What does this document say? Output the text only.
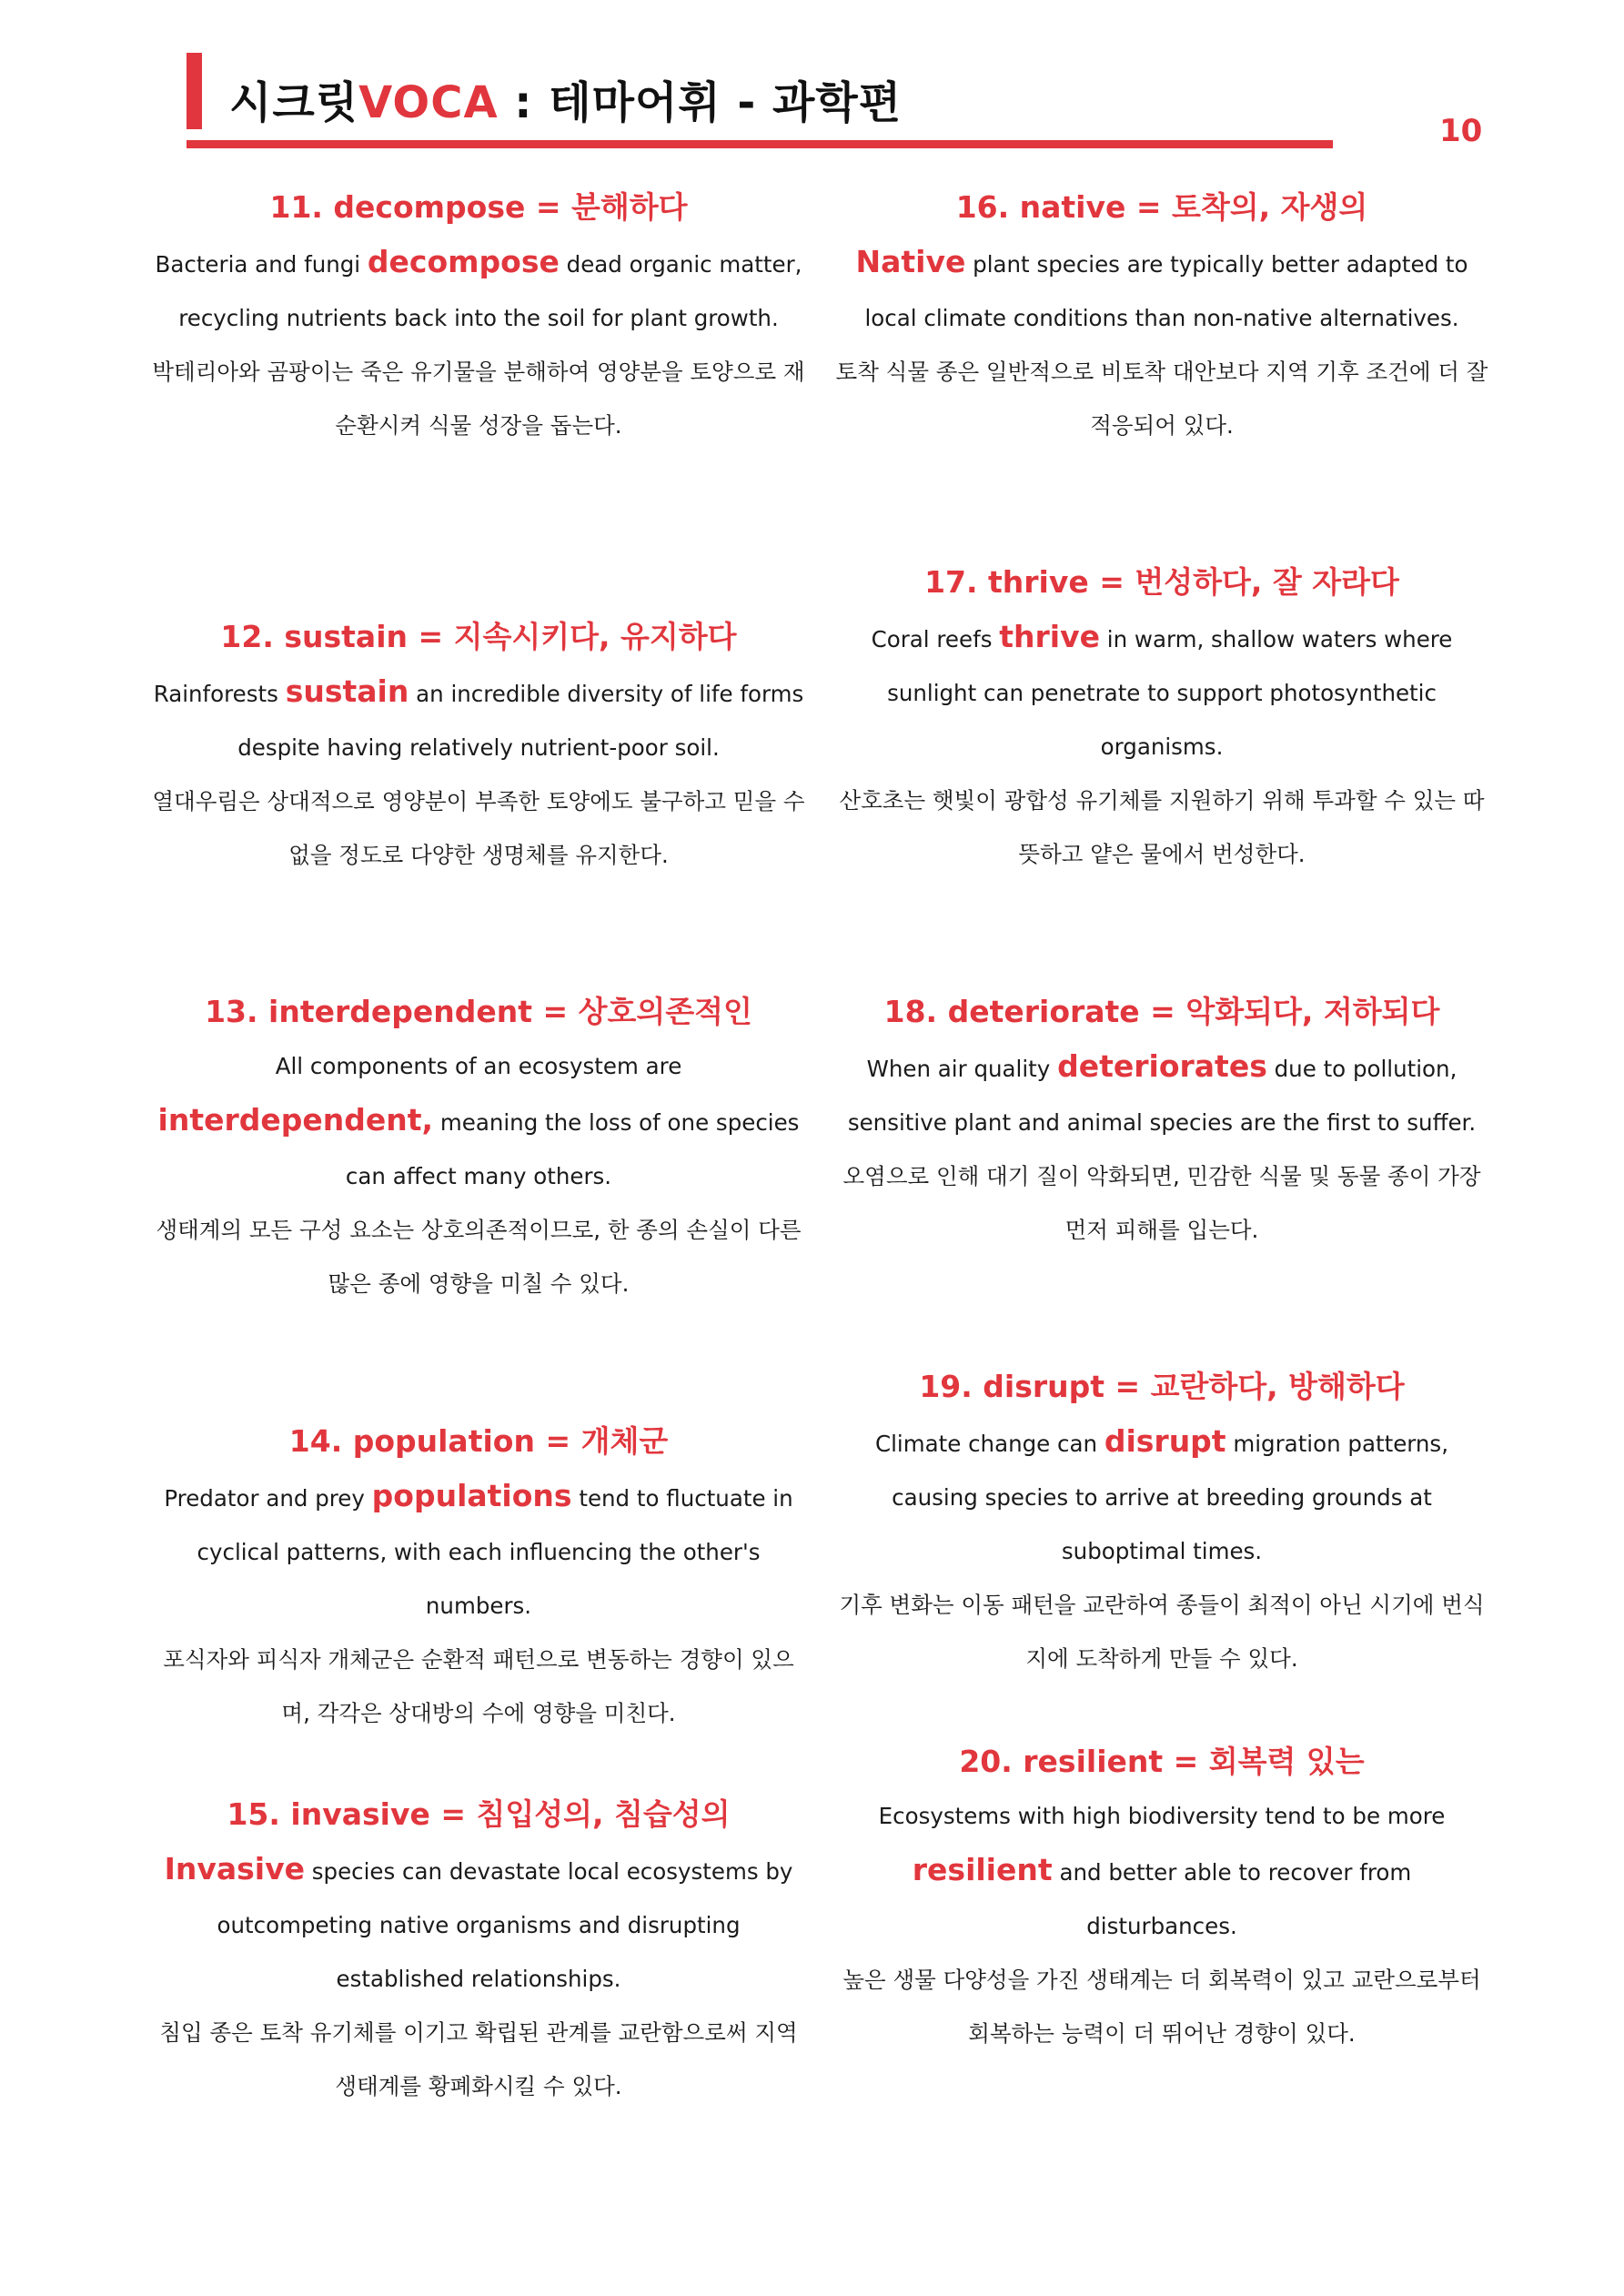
시크릿VOCA : 테마어휘 - 과학편
10
11. decompose = 분해하다

Bacteria and fungi decompose dead organic matter, recycling nutrients back into the soil for plant growth.

박테리아와 곰팡이는 죽은 유기물을 분해하여 영양분을 토양으로 재순환시켜 식물 성장을 돕는다.

12. sustain = 지속시키다, 유지하다

Rainforests sustain an incredible diversity of life forms despite having relatively nutrient-poor soil.

열대우림은 상대적으로 영양분이 부족한 토양에도 불구하고 믿을 수 없을 정도로 다양한 생명체를 유지한다.

13. interdependent = 상호의존적인

All components of an ecosystem are interdependent, meaning the loss of one species can affect many others.

생태계의 모든 구성 요소는 상호의존적이므로, 한 종의 손실이 다른 많은 종에 영향을 미칠 수 있다.

14. population = 개체군

Predator and prey populations tend to fluctuate in cyclical patterns, with each influencing the other's numbers.

포식자와 피식자 개체군은 순환적 패턴으로 변동하는 경향이 있으며, 각각은 상대방의 수에 영향을 미친다.

15. invasive = 침입성의, 침습성의

Invasive species can devastate local ecosystems by outcompeting native organisms and disrupting established relationships.

침입 종은 토착 유기체를 이기고 확립된 관계를 교란함으로써 지역 생태계를 황폐화시킬 수 있다.

16. native = 토착의, 자생의

Native plant species are typically better adapted to local climate conditions than non-native alternatives.

토착 식물 종은 일반적으로 비토착 대안보다 지역 기후 조건에 더 잘 적응되어 있다.

17. thrive = 번성하다, 잘 자라다

Coral reefs thrive in warm, shallow waters where sunlight can penetrate to support photosynthetic organisms.

산호초는 햇빛이 광합성 유기체를 지원하기 위해 투과할 수 있는 따뜻하고 얕은 물에서 번성한다.

18. deteriorate = 악화되다, 저하되다

When air quality deteriorates due to pollution, sensitive plant and animal species are the first to suffer.

오염으로 인해 대기 질이 악화되면, 민감한 식물 및 동물 종이 가장 먼저 피해를 입는다.

19. disrupt = 교란하다, 방해하다

Climate change can disrupt migration patterns, causing species to arrive at breeding grounds at suboptimal times.

기후 변화는 이동 패턴을 교란하여 종들이 최적이 아닌 시기에 번식지에 도착하게 만들 수 있다.

20. resilient = 회복력 있는

Ecosystems with high biodiversity tend to be more resilient and better able to recover from disturbances.

높은 생물 다양성을 가진 생태계는 더 회복력이 있고 교란으로부터 회복하는 능력이 더 뛰어난 경향이 있다.
